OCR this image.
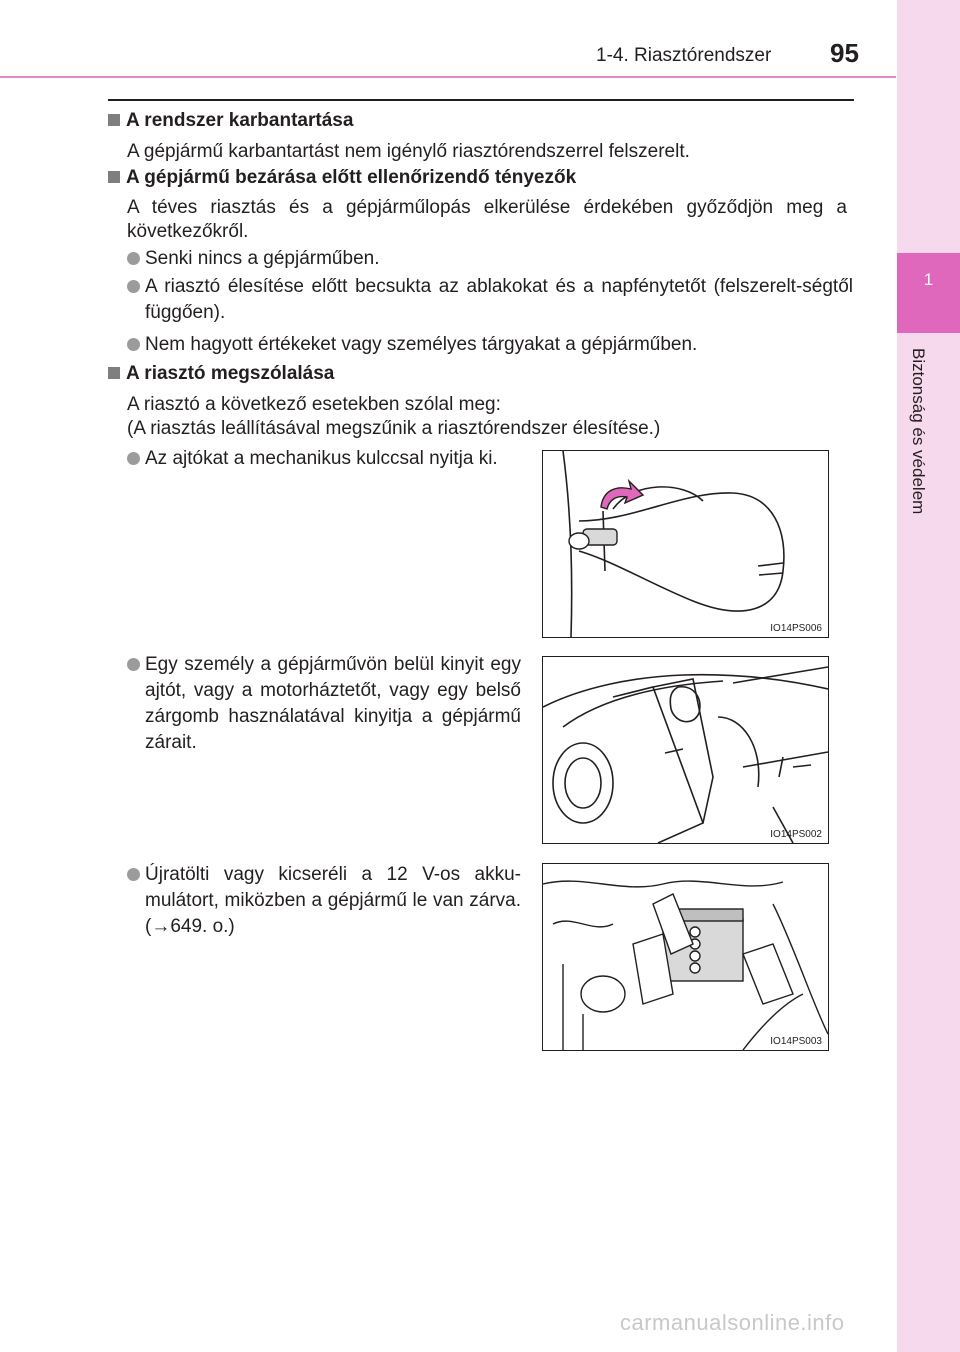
1-4. Riasztórendszer 95
1
Biztonság és védelem
A rendszer karbantartása
A gépjármű karbantartást nem igénylő riasztórendszerrel felszerelt.
A gépjármű bezárása előtt ellenőrizendő tényezők
A téves riasztás és a gépjárműlopás elkerülése érdekében győződjön meg a következőkről.
Senki nincs a gépjárműben.
A riasztó élesítése előtt becsukta az ablakokat és a napfénytetőt (felszerelt-ségtől függően).
Nem hagyott értékeket vagy személyes tárgyakat a gépjárműben.
A riasztó megszólalása
A riasztó a következő esetekben szólal meg:
(A riasztás leállításával megszűnik a riasztórendszer élesítése.)
Az ajtókat a mechanikus kulccsal nyitja ki.
Egy személy a gépjárművön belül kinyit egy ajtót, vagy a motorháztetőt, vagy egy belső zárgomb használatával kinyitja a gépjármű zárait.
Újratölti vagy kicseréli a 12 V-os akku-mulátort, miközben a gépjármű le van zárva. (→649. o.)
IO14PS006
IO14PS002
IO14PS003
carmanualsonline.info
